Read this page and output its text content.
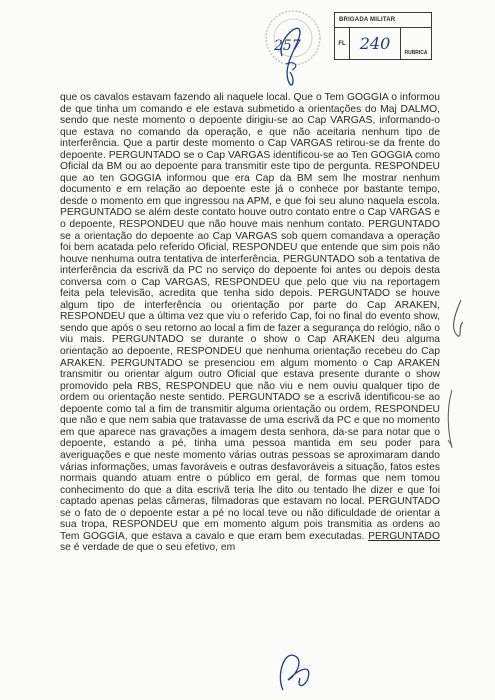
257
BRIGADA MILITAR
FL 240	RUBRICA
que os cavalos estavam fazendo ali naquele local. Que o Tem GOGGIA o informou de que tinha um comando e ele estava submetido a orientações do Maj DALMO, sendo que neste momento o depoente dirigiu-se ao Cap VARGAS, informando-o que estava no comando da operação, e que não aceitaria nenhum tipo de interferência. Que a partir deste momento o Cap VARGAS retirou-se da frente do depoente. PERGUNTADO se o Cap VARGAS identificou-se ao Ten GOGGIA como Oficial da BM ou ao depoente para transmitir este tipo de pergunta. RESPONDEU que ao ten GOGGIA informou que era Cap da BM sem lhe mostrar nenhum documento e em relação ao depoente este já o conhece por bastante tempo, desde o momento em que ingressou na APM, e que foi seu aluno naquela escola. PERGUNTADO se além deste contato houve outro contato entre o Cap VARGAS e o depoente, RESPONDEU que não houve mais nenhum contato. PERGUNTADO se a orientação do depoente ao Cap VARGAS sob quem comandava a operação foi bem acatada pelo referido Oficial, RESPONDEU que entende que sim pois não houve nenhuma outra tentativa de interferência. PERGUNTADO sob a tentativa de interferência da escrivã da PC no serviço do depoente foi antes ou depois desta conversa com o Cap VARGAS, RESPONDEU que pelo que viu na reportagem feita pela televisão, acredita que tenha sido depois. PERGUNTADO se houve algum tipo de interferência ou orientação por parte do Cap ARAKEN, RESPONDEU que a última vez que viu o referido Cap, foi no final do evento show, sendo que após o seu retorno ao local a fim de fazer a segurança do relógio, não o viu mais. PERGUNTADO se durante o show o Cap ARAKEN deu alguma orientação ao depoente, RESPONDEU que nenhuma orientação recebeu do Cap ARAKEN. PERGUNTADO se presenciou em algum momento o Cap ARAKEN transmitir ou orientar algum outro Oficial que estava presente durante o show promovido pela RBS, RESPONDEU que não viu e nem ouviu qualquer tipo de ordem ou orientação neste sentido. PERGUNTADO se a escrivã identificou-se ao depoente como tal a fim de transmitir alguma orientação ou ordem, RESPONDEU que não e que nem sabia que tratavasse de uma escrivã da PC e que no momento em que aparece nas gravações a imagem desta senhora, da-se para notar que o depoente, estando a pé, tinha uma pessoa mantida em seu poder para averiguações e que neste momento várias outras pessoas se aproximaram dando várias informações, umas favoráveis e outras desfavoráveis a situação, fatos estes normais quando atuam entre o público em geral, de formas que nem tomou conhecimento do que a dita escrivã teria lhe dito ou tentado lhe dizer e que foi captado apenas pelas câmeras, filmadoras que estavam no local. PERGUNTADO se o fato de o depoente estar a pé no local teve ou não dificuldade de orientar a sua tropa, RESPONDEU que em momento algum pois transmitia as ordens ao Tem GOGGIA, que estava a cavalo e que eram bem executadas. PERGUNTADO se é verdade de que o seu efetivo, em
